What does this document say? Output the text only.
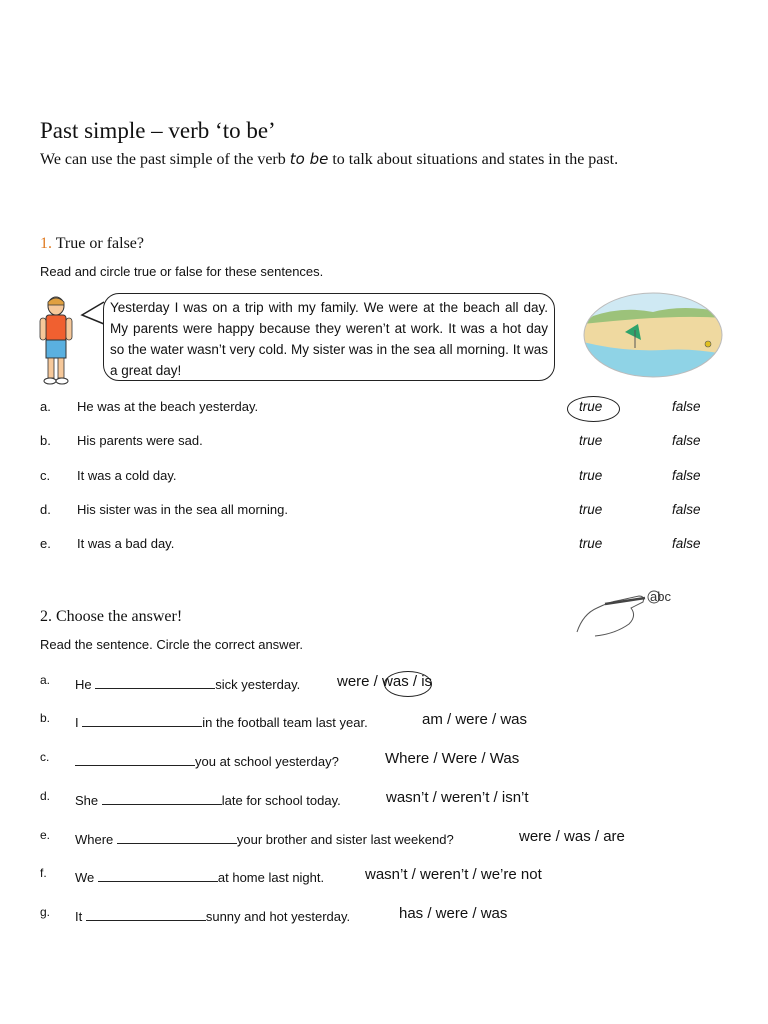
Past simple – verb ‘to be’
We can use the past simple of the verb to be to talk about situations and states in the past.
1. True or false?
Read and circle true or false for these sentences.
Yesterday I was on a trip with my family. We were at the beach all day. My parents were happy because they weren’t at work. It was a hot day so the water wasn’t very cold. My sister was in the sea all morning. It was a great day!
a. He was at the beach yesterday.	true	false
b. His parents were sad.	true	false
c. It was a cold day.	true	false
d. His sister was in the sea all morning.	true	false
e. It was a bad day.	true	false
2. Choose the answer!
Read the sentence. Circle the correct answer.
abc
a. He	sick yesterday. were / was / is
b. I	in the football team last year.	am / were / was
c.	you at school yesterday?	Where / Were / Was
d. She	late for school today.	wasn’t / weren’t / isn’t
e. Where	your brother and sister last weekend?	were / was / are
f. We	at home last night.	wasn’t / weren’t / we’re not
g. It	sunny and hot yesterday.	has / were / was
